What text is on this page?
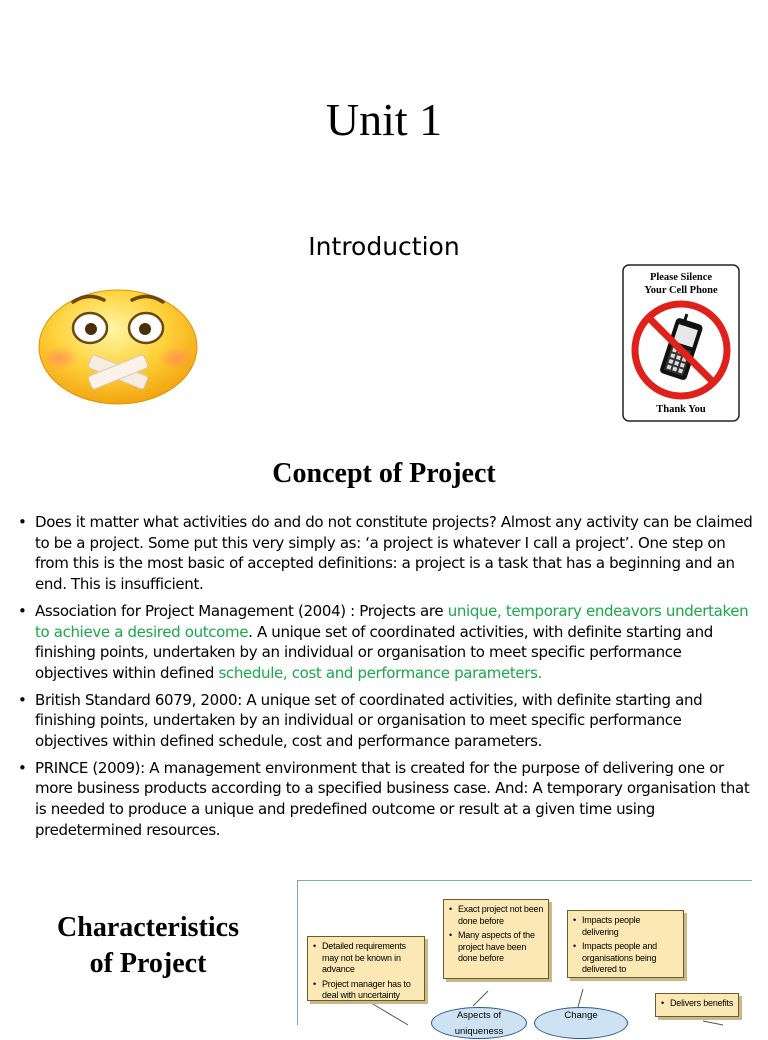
Unit 1
Introduction
Please Silence
Your Cell Phone
Thank You
Concept of Project
• Does it matter what activities do and do not constitute projects? Almost any activity can be claimed to be a project. Some put this very simply as: ‘a project is whatever I call a project’. One step on from this is the most basic of accepted definitions: a project is a task that has a beginning and an end. This is insufficient.
• Association for Project Management (2004) : Projects are unique, temporary endeavors undertaken to achieve a desired outcome. A unique set of coordinated activities, with definite starting and finishing points, undertaken by an individual or organisation to meet specific performance objectives within defined schedule, cost and performance parameters.
• British Standard 6079, 2000: A unique set of coordinated activities, with definite starting and finishing points, undertaken by an individual or organisation to meet specific performance objectives within defined schedule, cost and performance parameters.
• PRINCE (2009): A management environment that is created for the purpose of delivering one or more business products according to a specified business case. And: A temporary organisation that is needed to produce a unique and predefined outcome or result at a given time using predetermined resources.
Characteristics
of Project
• Detailed requirements may not be known in advance
• Project manager has to deal with uncertainty
• Exact project not been done before
• Many aspects of the project have been done before
• Impacts people delivering
• Impacts people and organisations being delivered to
• Delivers benefits
Aspects of uniqueness
Change
